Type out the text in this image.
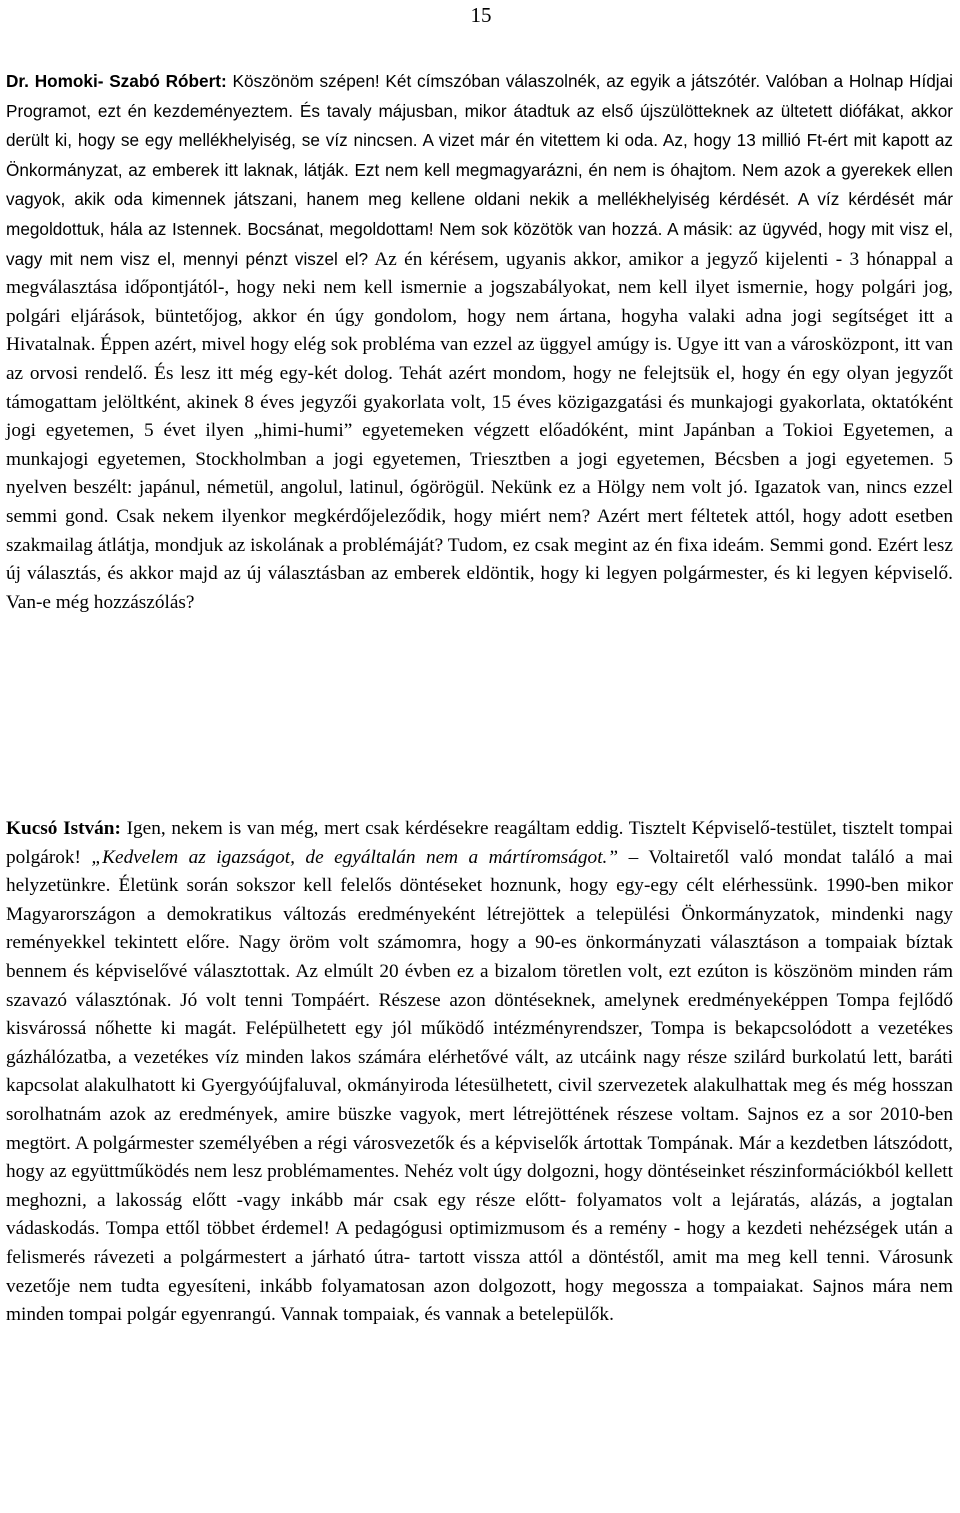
15

Dr. Homoki- Szabó Róbert: Köszönöm szépen! Két címszóban válaszolnék, az egyik a játszótér. Valóban a Holnap Hídjai Programot, ezt én kezdeményeztem. És tavaly májusban, mikor átadtuk az első újszülötteknek az ültetett diófákat, akkor derült ki, hogy se egy mellékhelyiség, se víz nincsen. A vizet már én vitettem ki oda. Az, hogy 13 millió Ft-ért mit kapott az Önkormányzat, az emberek itt laknak, látják. Ezt nem kell megmagyarázni, én nem is óhajtom. Nem azok a gyerekek ellen vagyok, akik oda kimennek játszani, hanem meg kellene oldani nekik a mellékhelyiség kérdését. A víz kérdését már megoldottuk, hála az Istennek. Bocsánat, megoldottam! Nem sok közötök van hozzá. A másik: az ügyvéd, hogy mit visz el, vagy mit nem visz el, mennyi pénzt viszel el? Az én kérésem, ugyanis akkor, amikor a jegyző kijelenti - 3 hónappal a megválasztása időpontjától-, hogy neki nem kell ismernie a jogszabályokat, nem kell ilyet ismernie, hogy polgári jog, polgári eljárások, büntetőjog, akkor én úgy gondolom, hogy nem ártana, hogyha valaki adna jogi segítséget itt a Hivatalnak. Éppen azért, mivel hogy elég sok probléma van ezzel az üggyel amúgy is. Ugye itt van a városközpont, itt van az orvosi rendelő. És lesz itt még egy-két dolog. Tehát azért mondom, hogy ne felejtsük el, hogy én egy olyan jegyzőt támogattam jelöltként, akinek 8 éves jegyzői gyakorlata volt, 15 éves közigazgatási és munkajogi gyakorlata, oktatóként jogi egyetemen, 5 évet ilyen „himi-humi” egyetemeken végzett előadóként, mint Japánban a Tokioi Egyetemen, a munkajogi egyetemen, Stockholmban a jogi egyetemen, Triesztben a jogi egyetemen, Bécsben a jogi egyetemen. 5 nyelven beszélt: japánul, németül, angolul, latinul, ógörögül. Nekünk ez a Hölgy nem volt jó. Igazatok van, nincs ezzel semmi gond. Csak nekem ilyenkor megkérdőjeleződik, hogy miért nem? Azért mert féltetek attól, hogy adott esetben szakmailag átlátja, mondjuk az iskolának a problémáját? Tudom, ez csak megint az én fixa ideám. Semmi gond. Ezért lesz új választás, és akkor majd az új választásban az emberek eldöntik, hogy ki legyen polgármester, és ki legyen képviselő. Van-e még hozzászólás?

Kucsó István: Igen, nekem is van még, mert csak kérdésekre reagáltam eddig. Tisztelt Képviselő-testület, tisztelt tompai polgárok! „Kedvelem az igazságot, de egyáltalán nem a mártíromságot.” – Voltairetől való mondat találó a mai helyzetünkre. Életünk során sokszor kell felelős döntéseket hoznunk, hogy egy-egy célt elérhessünk. 1990-ben mikor Magyarországon a demokratikus változás eredményeként létrejöttek a települési Önkormányzatok, mindenki nagy reményekkel tekintett előre. Nagy öröm volt számomra, hogy a 90-es önkormányzati választáson a tompaiak bíztak bennem és képviselővé választottak. Az elmúlt 20 évben ez a bizalom töretlen volt, ezt ezúton is köszönöm minden rám szavazó választónak. Jó volt tenni Tompáért. Részese azon döntéseknek, amelynek eredményeképpen Tompa fejlődő kisvárossá nőhette ki magát. Felépülhetett egy jól működő intézményrendszer, Tompa is bekapcsolódott a vezetékes gázhálózatba, a vezetékes víz minden lakos számára elérhetővé vált, az utcáink nagy része szilárd burkolatú lett, baráti kapcsolat alakulhatott ki Gyergyóújfaluval, okmányiroda létesülhetett, civil szervezetek alakulhattak meg és még hosszan sorolhatnám azok az eredmények, amire büszke vagyok, mert létrejöttének részese voltam. Sajnos ez a sor 2010-ben megtört. A polgármester személyében a régi városvezetők és a képviselők ártottak Tompának. Már a kezdetben látszódott, hogy az együttműködés nem lesz problémamentes. Nehéz volt úgy dolgozni, hogy döntéseinket részinformációkból kellett meghozni, a lakosság előtt -vagy inkább már csak egy része előtt- folyamatos volt a lejáratás, alázás, a jogtalan vádaskodás. Tompa ettől többet érdemel! A pedagógusi optimizmusom és a remény - hogy a kezdeti nehézségek után a felismerés rávezeti a polgármestert a járható útra- tartott vissza attól a döntéstől, amit ma meg kell tenni. Városunk vezetője nem tudta egyesíteni, inkább folyamatosan azon dolgozott, hogy megossza a tompaiakat. Sajnos mára nem minden tompai polgár egyenrangú. Vannak tompaiak, és vannak a betelepülők.
